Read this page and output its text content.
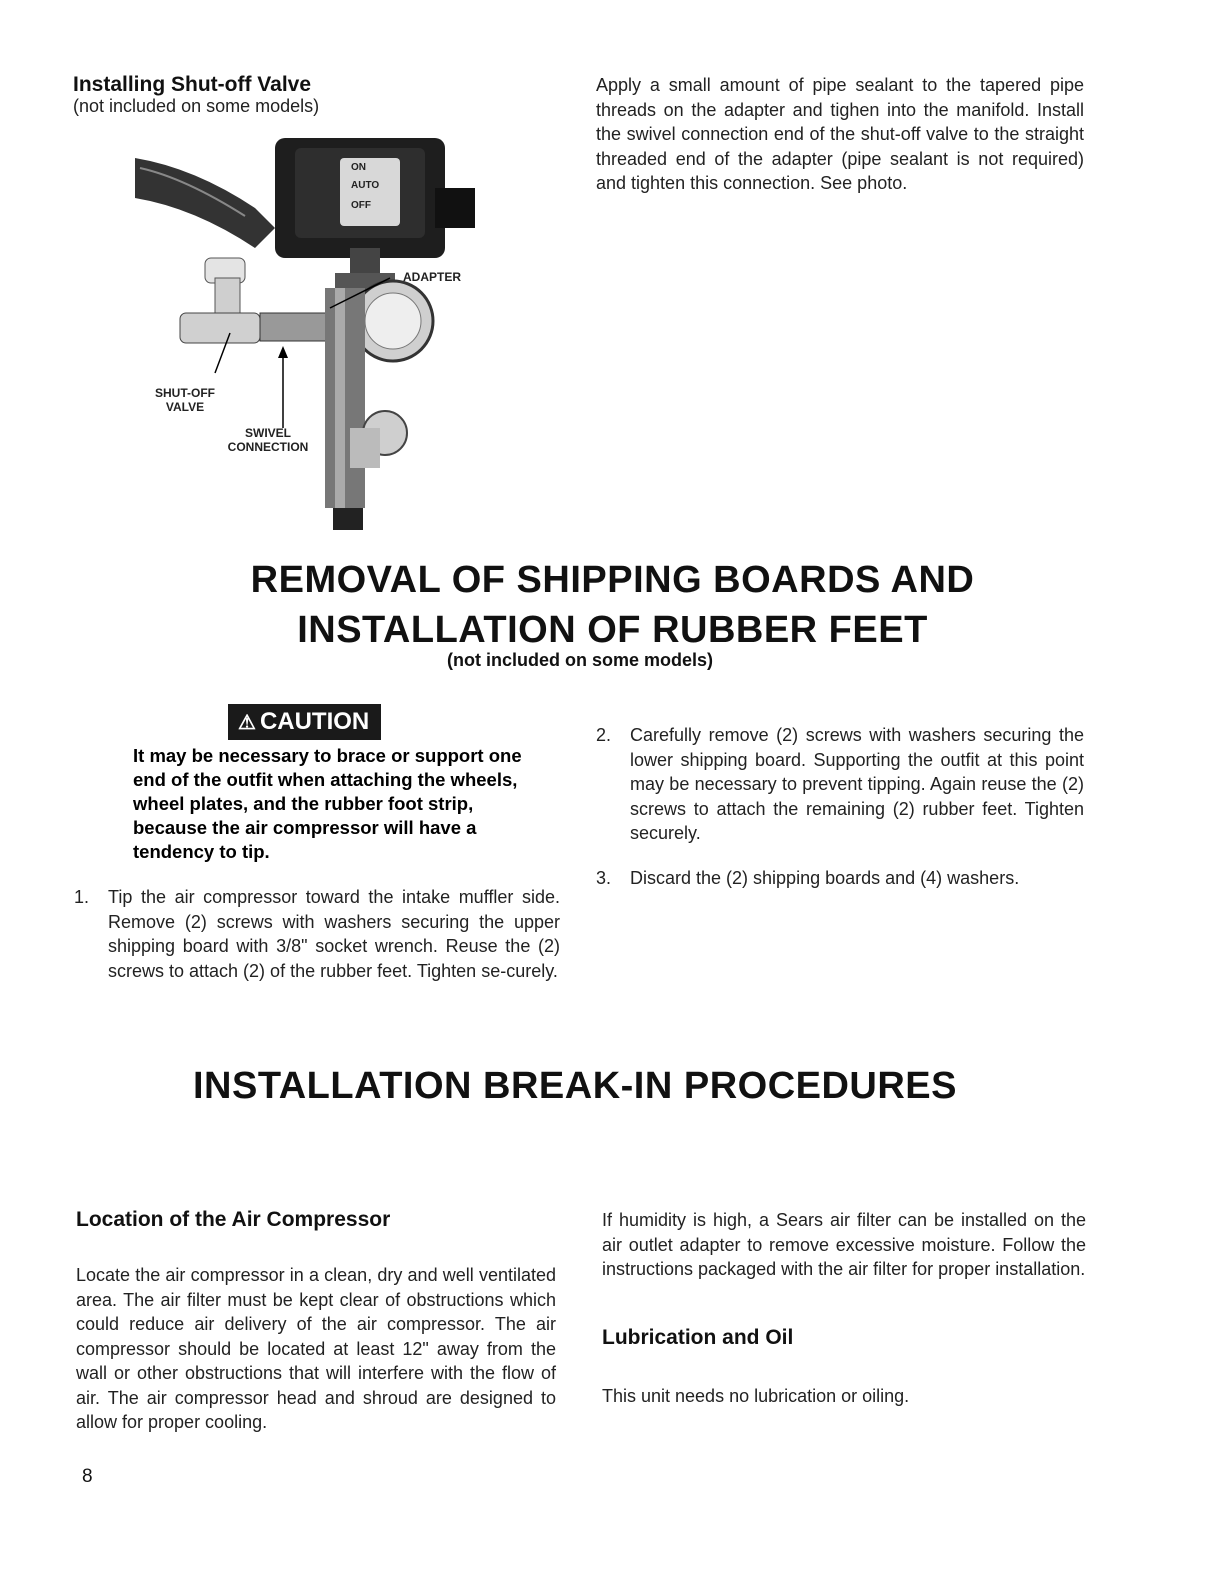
Installing Shut-off Valve
(not included on some models)
ON
AUTO
OFF
ADAPTER
SHUT-OFF
VALVE
SWIVEL
CONNECTION
Apply a small amount of pipe sealant to the tapered pipe threads on the adapter and tighen into the manifold. Install the swivel connection end of the shut-off valve to the straight threaded end of the adapter (pipe sealant is not required) and tighten this connection. See photo.
REMOVAL OF SHIPPING BOARDS AND
INSTALLATION OF RUBBER FEET
(not included on some models)
⚠ CAUTION
It may be necessary to brace or support one end of the outfit when attaching the wheels, wheel plates, and the rubber foot strip, because the air compressor will have a tendency to tip.
1. Tip the air compressor toward the intake muffler side. Remove (2) screws with washers securing the upper shipping board with 3/8" socket wrench. Reuse the (2) screws to attach (2) of the rubber feet. Tighten se-curely.
2. Carefully remove (2) screws with washers securing the lower shipping board. Supporting the outfit at this point may be necessary to prevent tipping. Again reuse the (2) screws to attach the remaining (2) rubber feet. Tighten securely.
3. Discard the (2) shipping boards and (4) washers.
INSTALLATION BREAK-IN PROCEDURES
Location of the Air Compressor
Locate the air compressor in a clean, dry and well ventilated area. The air filter must be kept clear of obstructions which could reduce air delivery of the air compressor. The air compressor should be located at least 12" away from the wall or other obstructions that will interfere with the flow of air. The air compressor head and shroud are designed to allow for proper cooling.
If humidity is high, a Sears air filter can be installed on the air outlet adapter to remove excessive moisture. Follow the instructions packaged with the air filter for proper installation.
Lubrication and Oil
This unit needs no lubrication or oiling.
8
